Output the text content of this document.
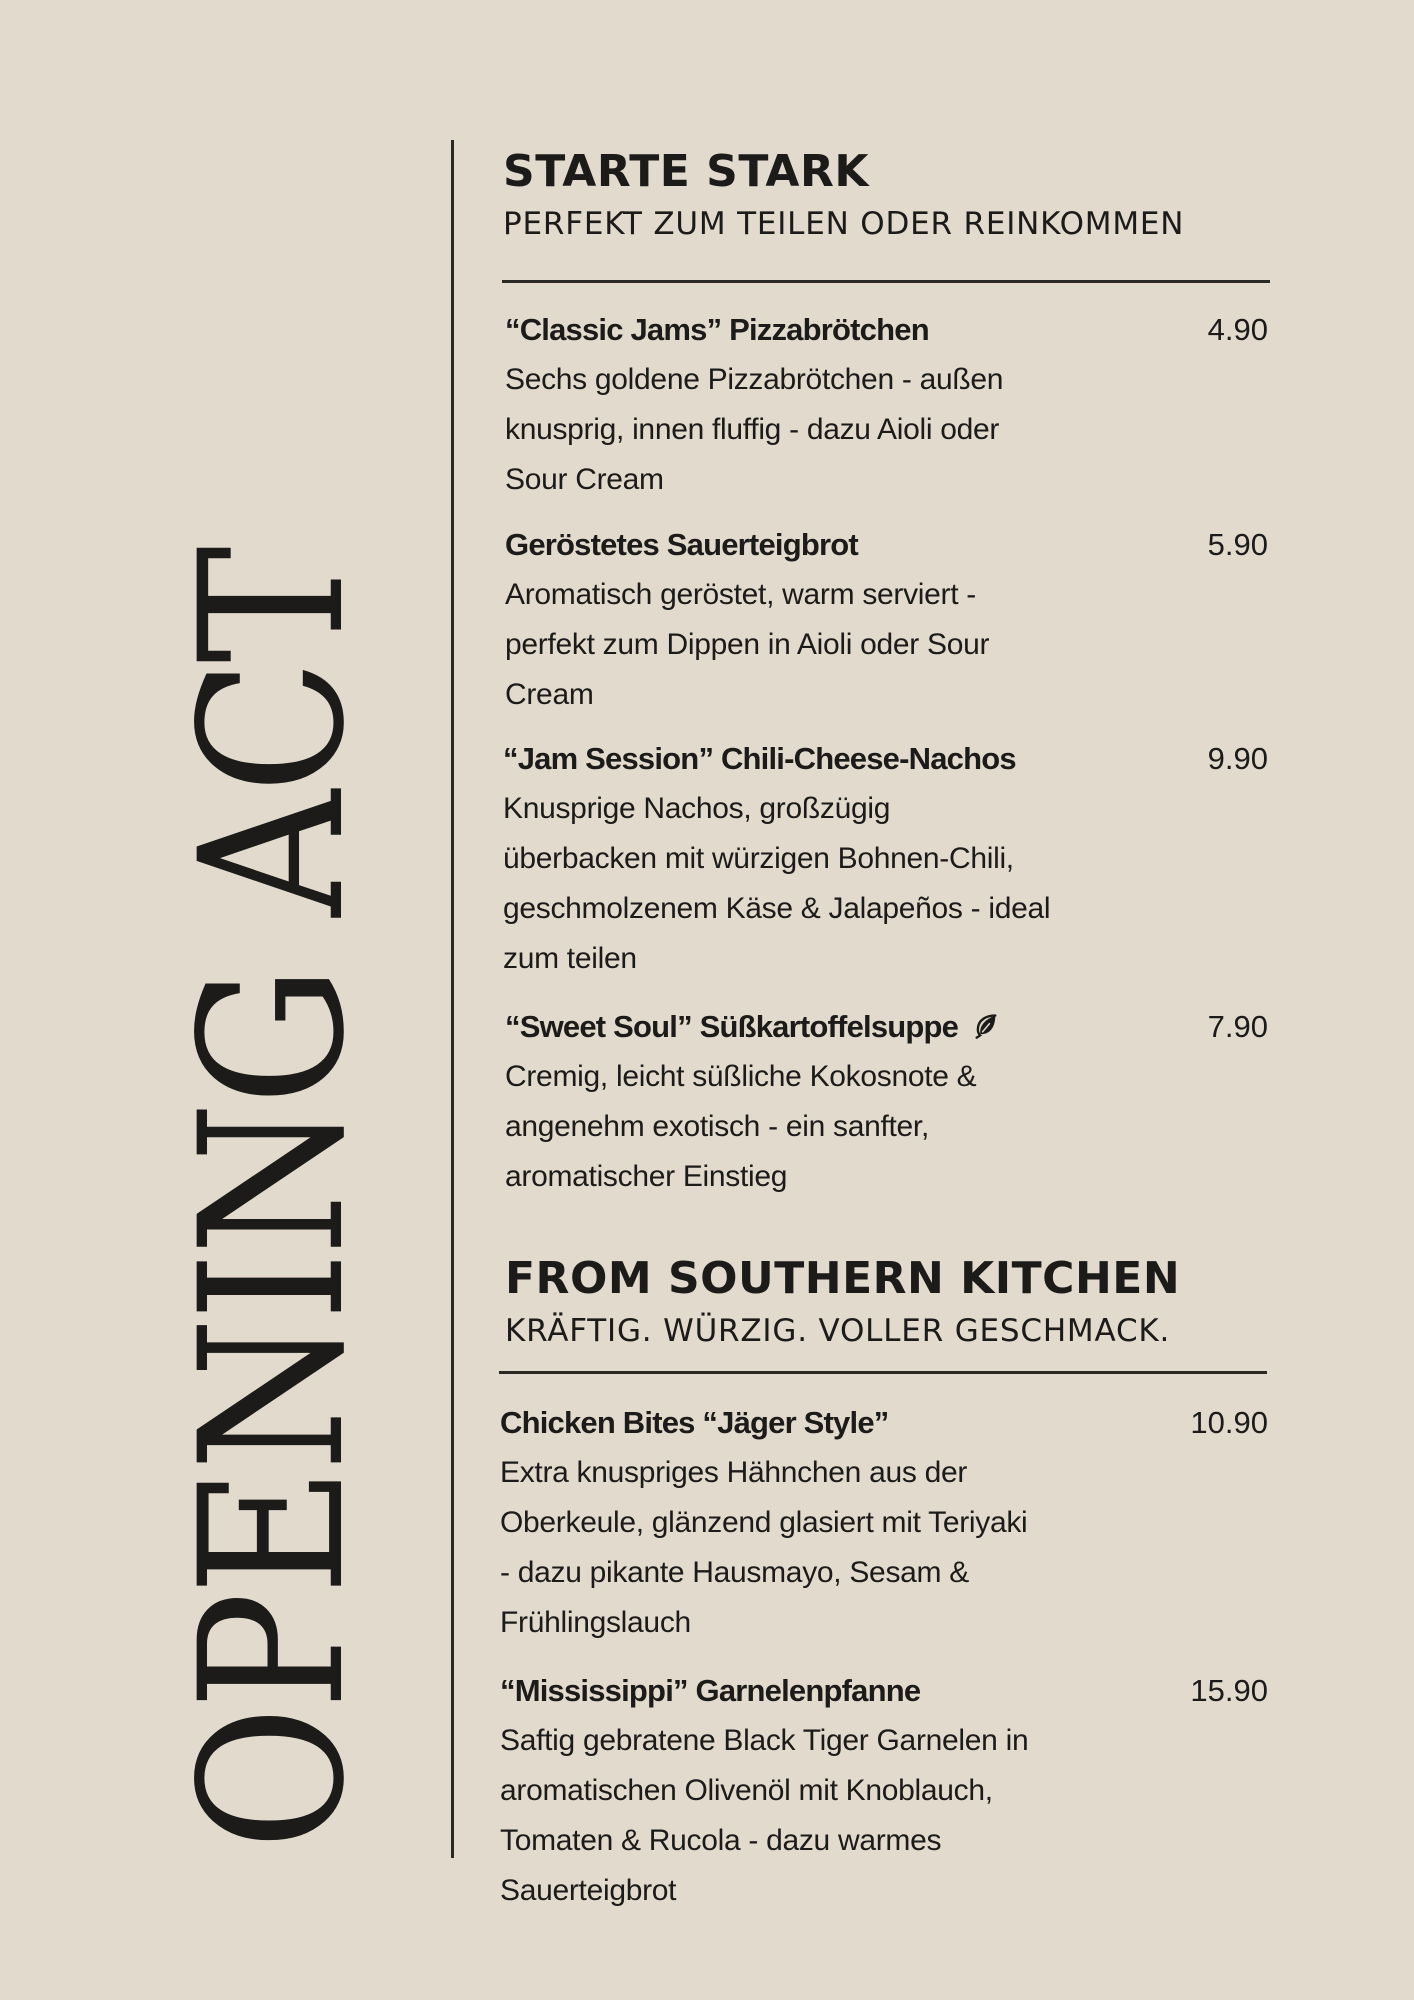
OPENING ACT
STARTE STARK

PERFEKT ZUM TEILEN ODER REINKOMMEN

“Classic Jams” Pizzabrötchen	4.90
Sechs goldene Pizzabrötchen - außen
knusprig, innen fluffig - dazu Aioli oder
Sour Cream
Geröstetes Sauerteigbrot	5.90
Aromatisch geröstet, warm serviert -
perfekt zum Dippen in Aioli oder Sour
Cream
“Jam Session” Chili-Cheese-Nachos	9.90
Knusprige Nachos, großzügig
überbacken mit würzigen Bohnen-Chili,
geschmolzenem Käse & Jalapeños - ideal
zum teilen
“Sweet Soul” Süßkartoffelsuppe	7.90
Cremig, leicht süßliche Kokosnote &
angenehm exotisch - ein sanfter,
aromatischer Einstieg
FROM SOUTHERN KITCHEN

KRÄFTIG. WÜRZIG. VOLLER GESCHMACK.

Chicken Bites “Jäger Style”	10.90
Extra knuspriges Hähnchen aus der
Oberkeule, glänzend glasiert mit Teriyaki
- dazu pikante Hausmayo, Sesam &
Frühlingslauch
“Mississippi” Garnelenpfanne	15.90
Saftig gebratene Black Tiger Garnelen in
aromatischen Olivenöl mit Knoblauch,
Tomaten & Rucola - dazu warmes
Sauerteigbrot
